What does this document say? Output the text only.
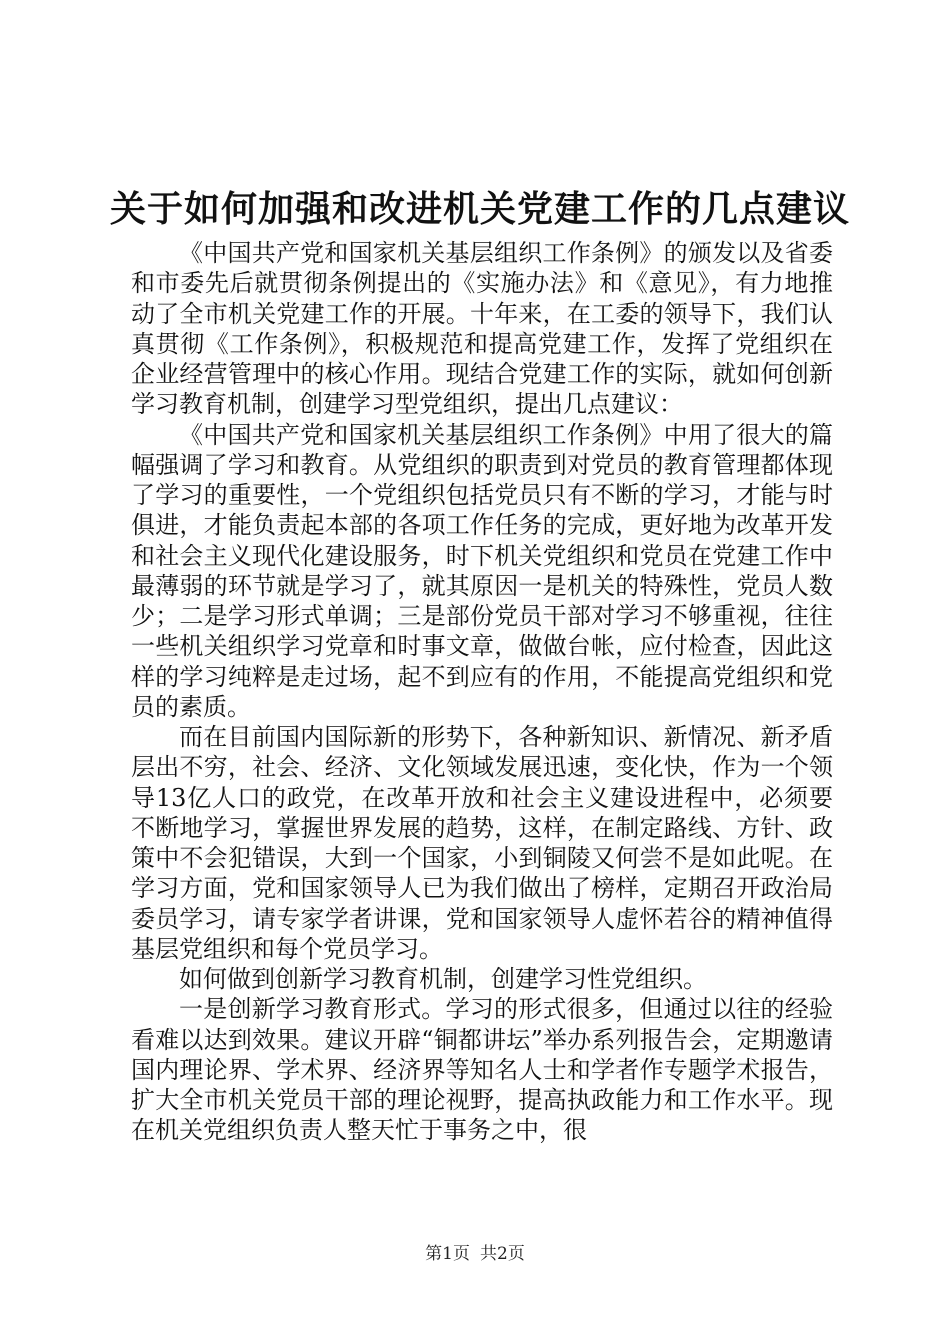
关于如何加强和改进机关党建工作的几点建议

《中国共产党和国家机关基层组织工作条例》的颁发以及省委和市委先后就贯彻条例提出的《实施办法》和《意见》，有力地推动了全市机关党建工作的开展。十年来，在工委的领导下，我们认真贯彻《工作条例》，积极规范和提高党建工作，发挥了党组织在企业经营管理中的核心作用。现结合党建工作的实际，就如何创新学习教育机制，创建学习型党组织，提出几点建议：

《中国共产党和国家机关基层组织工作条例》中用了很大的篇幅强调了学习和教育。从党组织的职责到对党员的教育管理都体现了学习的重要性，一个党组织包括党员只有不断的学习，才能与时俱进，才能负责起本部的各项工作任务的完成，更好地为改革开发和社会主义现代化建设服务，时下机关党组织和党员在党建工作中最薄弱的环节就是学习了，就其原因一是机关的特殊性，党员人数少；二是学习形式单调；三是部份党员干部对学习不够重视，往往一些机关组织学习党章和时事文章，做做台帐，应付检查，因此这样的学习纯粹是走过场，起不到应有的作用，不能提高党组织和党员的素质。

而在目前国内国际新的形势下，各种新知识、新情况、新矛盾层出不穷，社会、经济、文化领域发展迅速，变化快，作为一个领导13亿人口的政党，在改革开放和社会主义建设进程中，必须要不断地学习，掌握世界发展的趋势，这样，在制定路线、方针、政策中不会犯错误，大到一个国家，小到铜陵又何尝不是如此呢。在学习方面，党和国家领导人已为我们做出了榜样，定期召开政治局委员学习，请专家学者讲课，党和国家领导人虚怀若谷的精神值得基层党组织和每个党员学习。

如何做到创新学习教育机制，创建学习性党组织。

一是创新学习教育形式。学习的形式很多，但通过以往的经验看难以达到效果。建议开辟“铜都讲坛”举办系列报告会，定期邀请国内理论界、学术界、经济界等知名人士和学者作专题学术报告，扩大全市机关党员干部的理论视野，提高执政能力和工作水平。现在机关党组织负责人整天忙于事务之中，很

第1页 共2页
